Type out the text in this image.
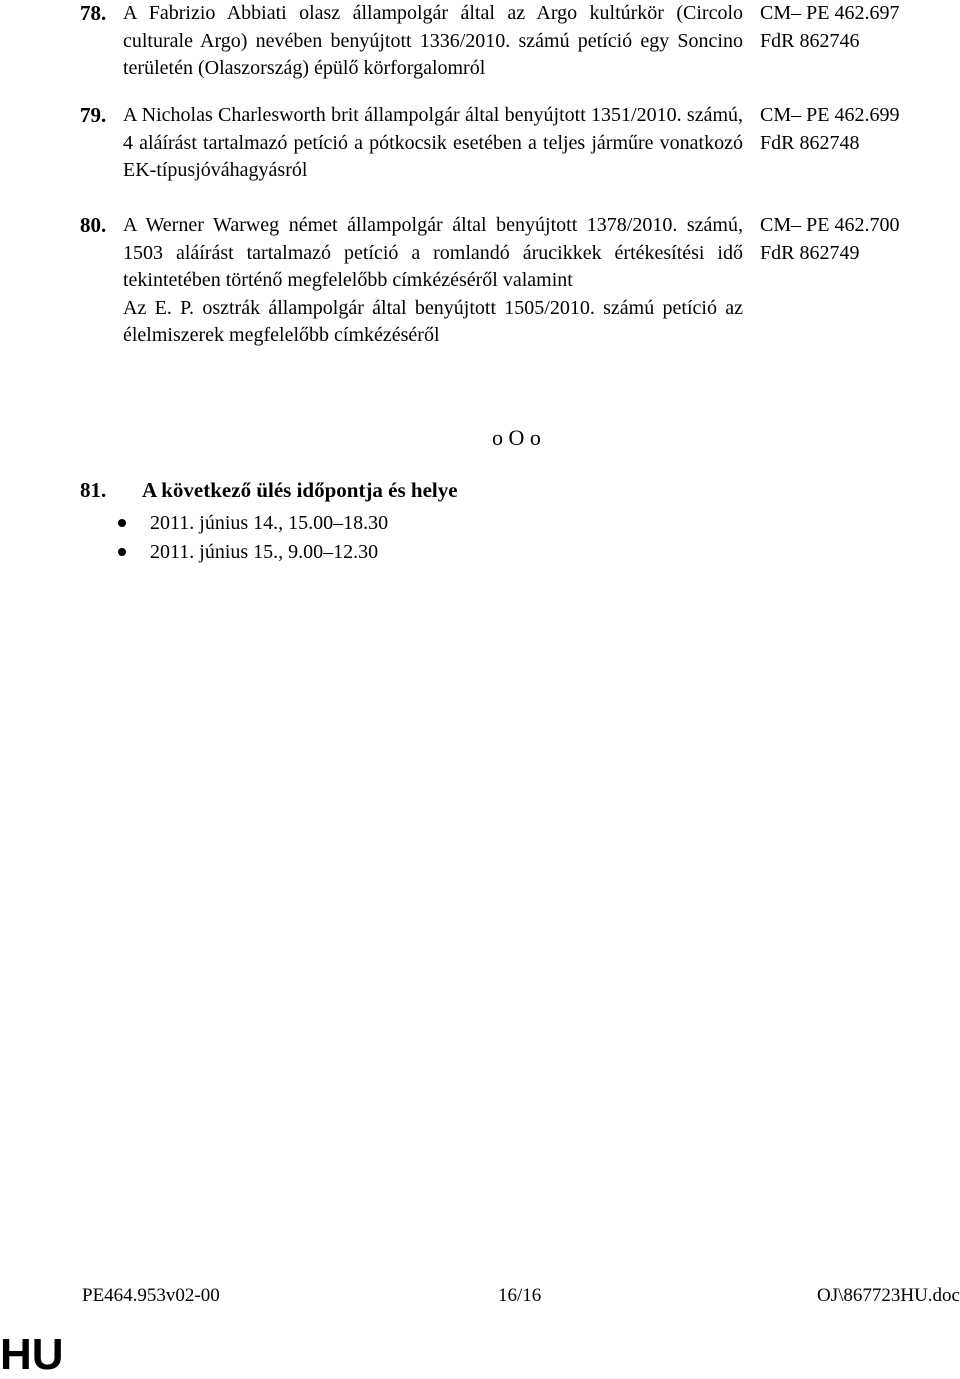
78. A Fabrizio Abbiati olasz állampolgár által az Argo kultúrkör (Circolo culturale Argo) nevében benyújtott 1336/2010. számú petíció egy Soncino területén (Olaszország) épülő körforgalomról

CM– PE 462.697
FdR 862746
79. A Nicholas Charlesworth brit állampolgár által benyújtott 1351/2010. számú, 4 aláírást tartalmazó petíció a pótkocsik esetében a teljes járműre vonatkozó EK-típusjóváhagyásról

CM– PE 462.699
FdR 862748
80. A Werner Warweg német állampolgár által benyújtott 1378/2010. számú, 1503 aláírást tartalmazó petíció a romlandó árucikkek értékesítési idő tekintetében történő megfelelőbb címkézéséről valamint

Az E. P. osztrák állampolgár által benyújtott 1505/2010. számú petíció az élelmiszerek megfelelőbb címkézéséről

CM– PE 462.700
FdR 862749
o O o
81. A következő ülés időpontja és helye
2011. június 14., 15.00–18.30
2011. június 15., 9.00–12.30
PE464.953v02-00	16/16	OJ\867723HU.doc
HU
